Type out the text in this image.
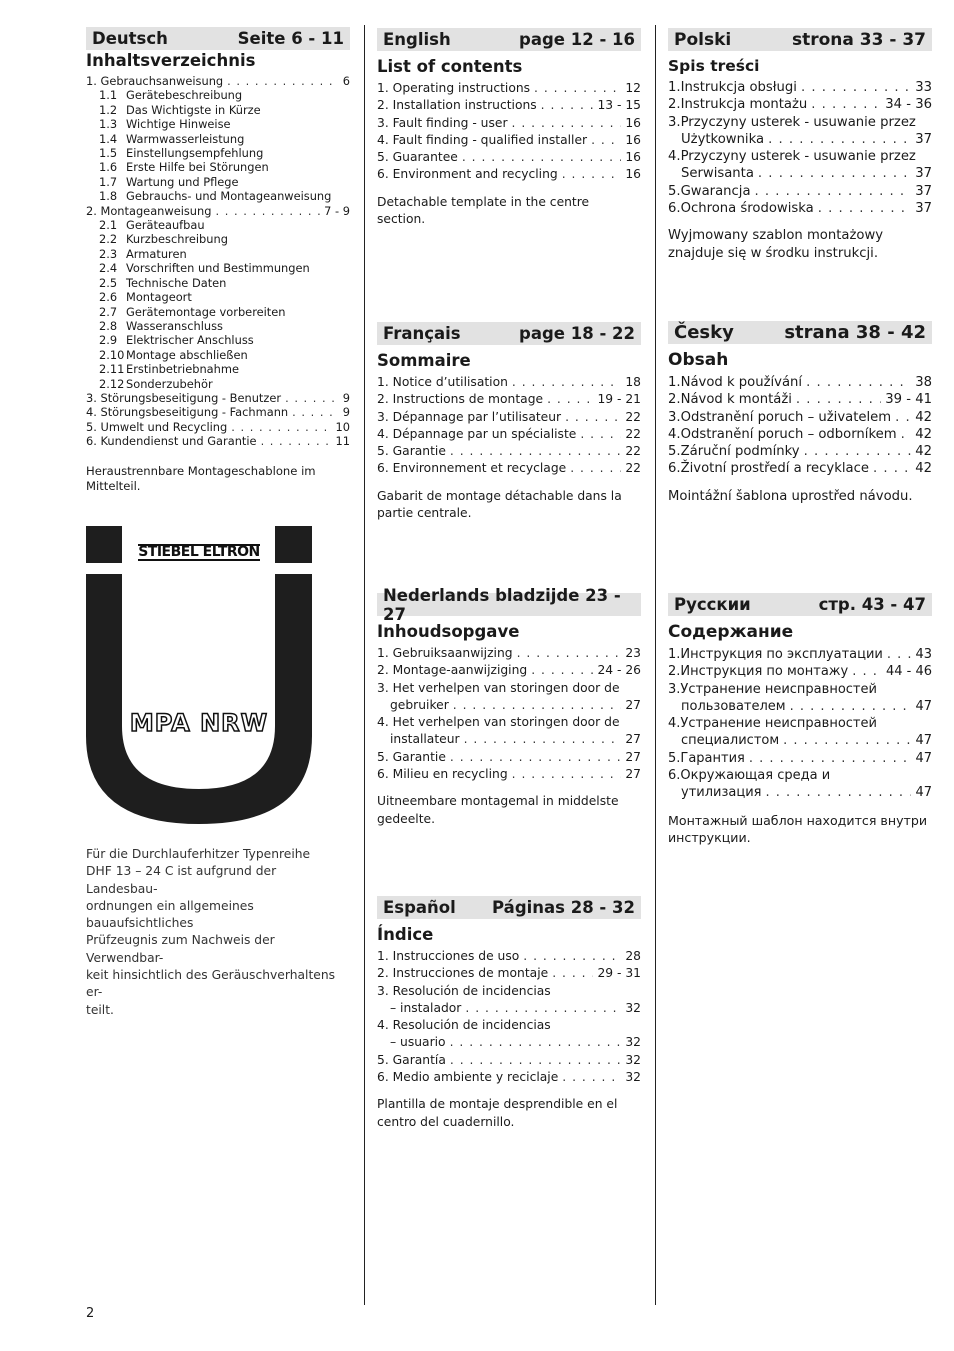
Deutsch	Seite 6 - 11
Inhaltsverzeichnis
1. Gebrauchsanweisung . . .	6
1.1 Gerätebeschreibung
1.2 Das Wichtigste in Kürze
1.3 Wichtige Hinweise
1.4 Warmwasserleistung
1.5 Einstellungsempfehlung
1.6 Erste Hilfe bei Störungen
1.7 Wartung und Pflege
1.8 Gebrauchs- und Montageanweisung
2. Montageanweisung . . .	7 - 9
2.1 Geräteaufbau
2.2 Kurzbeschreibung
2.3 Armaturen
2.4 Vorschriften und Bestimmungen
2.5 Technische Daten
2.6 Montageort
2.7 Gerätemontage vorbereiten
2.8 Wasseranschluss
2.9 Elektrischer Anschluss
2.10 Montage abschließen
2.11 Erstinbetriebnahme
2.12 Sonderzubehör
3. Störungsbeseitigung - Benutzer . . .	9
4. Störungsbeseitigung - Fachmann . . .	9
5. Umwelt und Recycling . . .	10
6. Kundendienst und Garantie . . .	11
Heraustrennbare Montageschablone im Mittelteil.
STIEBEL ELTRON
MPA NRW
Für die Durchlauferhitzer Typenreihe
DHF 13 – 24 C ist aufgrund der Landesbau-
ordnungen ein allgemeines bauaufsichtliches
Prüfzeugnis zum Nachweis der Verwendbar-
keit hinsichtlich des Geräuschverhaltens er-
teilt.
English	page 12 - 16
List of contents
1. Operating instructions . . .	12
2. Installation instructions . . .	13 - 15
3. Fault finding - user . . .	16
4. Fault finding - qualified installer . . .	16
5. Guarantee . . .	16
6. Environment and recycling . . .	16
Detachable template in the centre section.
Français	page 18 - 22
Sommaire
1. Notice d’utilisation . . .	18
2. Instructions de montage . . .	19 - 21
3. Dépannage par l’utilisateur . . .	22
4. Dépannage par un spécialiste . . .	22
5. Garantie . . .	22
6. Environnement et recyclage . . .	22
Gabarit de montage détachable dans la partie centrale.
Nederlands bladzijde 23 - 27
Inhoudsopgave
1. Gebruiksaanwijzing . . .	23
2. Montage-aanwijziging . . .	24 - 26
3. Het verhelpen van storingen door de
gebruiker . . .	27
4. Het verhelpen van storingen door de
installateur . . .	27
5. Garantie . . .	27
6. Milieu en recycling . . .	27
Uitneembare montagemal in middelste gedeelte.
Español Páginas 28 - 32
Índice
1. Instrucciones de uso . . .	28
2. Instrucciones de montaje . . .	29 - 31
3. Resolución de incidencias
– instalador . . .	32
4. Resolución de incidencias
– usuario . . .	32
5. Garantía . . .	32
6. Medio ambiente y reciclaje . . .	32
Plantilla de montaje desprendible en el centro del cuadernillo.
Polski	strona 33 - 37
Spis treści
1.Instrukcja obsługi . . .	33
2.Instrukcja montażu . . .	34 - 36
3.Przyczyny usterek - usuwanie przez
Użytkownika . . .	37
4.Przyczyny usterek - usuwanie przez
Serwisanta . . .	37
5.Gwarancja . . .	37
6.Ochrona środowiska . . .	37
Wyjmowany szablon montażowy znajduje się w środku instrukcji.
Česky	strana 38 - 42
Obsah
1.Návod k používání . . .	38
2.Návod k montáži . . .	39 - 41
3.Odstranění poruch – uživatelem . . . 42
4.Odstranění poruch – odborníkem . . . 42
5.Záruční podmínky . . .	42
6.Životní prostředí a recyklace . . .	42
Mointážní šablona uprostřed návodu.
Русскии	стр. 43 - 47
Содержание
1.Инструкция по эксплуатации . . .	43
2.Инструкция по монтажу . . .	44 - 46
3.Устранение неисправностей
пользователем . . .	47
4.Устранение неисправностей
специалистом . . .	47
5.Гарантия . . .	47
6.Окружающая среда и
утилизация . . .	47
Монтажный шаблон находится внутри инструкции.
2
